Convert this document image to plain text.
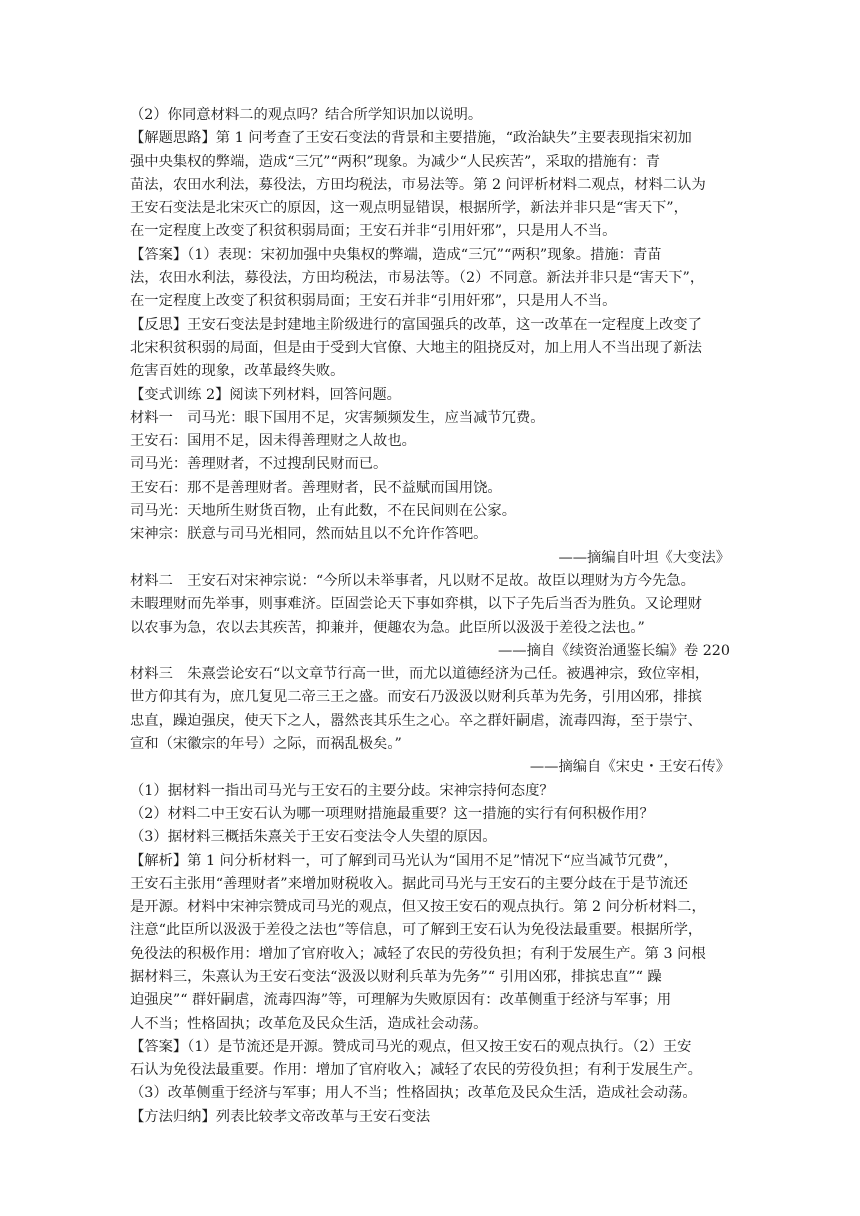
（2）你同意材料二的观点吗？结合所学知识加以说明。
【解题思路】第 1 问考查了王安石变法的背景和主要措施，“政治缺失”主要表现指宋初加
强中央集权的弊端，造成“三冗”“两积”现象。为减少“人民疾苦”，采取的措施有：青
苗法，农田水利法，募役法，方田均税法，市易法等。第 2 问评析材料二观点，材料二认为
王安石变法是北宋灭亡的原因，这一观点明显错误，根据所学，新法并非只是“害天下”，
在一定程度上改变了积贫积弱局面；王安石并非“引用奸邪”，只是用人不当。
【答案】（1）表现：宋初加强中央集权的弊端，造成“三冗”“两积”现象。措施：青苗
法，农田水利法，募役法，方田均税法，市易法等。（2）不同意。新法并非只是“害天下”，
在一定程度上改变了积贫积弱局面；王安石并非“引用奸邪”，只是用人不当。
【反思】王安石变法是封建地主阶级进行的富国强兵的改革，这一改革在一定程度上改变了
北宋积贫积弱的局面，但是由于受到大官僚、大地主的阻挠反对，加上用人不当出现了新法
危害百姓的现象，改革最终失败。
【变式训练 2】阅读下列材料，回答问题。
材料一　司马光：眼下国用不足，灾害频频发生，应当减节冗费。
王安石：国用不足，因未得善理财之人故也。
司马光：善理财者，不过搜刮民财而已。
王安石：那不是善理财者。善理财者，民不益赋而国用饶。
司马光：天地所生财货百物，止有此数，不在民间则在公家。
宋神宗：朕意与司马光相同，然而姑且以不允许作答吧。
——摘编自叶坦《大变法》
材料二　王安石对宋神宗说：“今所以未举事者，凡以财不足故。故臣以理财为方今先急。
未暇理财而先举事，则事难济。臣固尝论天下事如弈棋，以下子先后当否为胜负。又论理财
以农事为急，农以去其疾苦，抑兼并，便趣农为急。此臣所以汲汲于差役之法也。”
——摘自《续资治通鉴长编》卷 220
材料三　朱熹尝论安石“以文章节行高一世，而尤以道德经济为己任。被遇神宗，致位宰相，
世方仰其有为，庶几复见二帝三王之盛。而安石乃汲汲以财利兵革为先务，引用凶邪，排摈
忠直，躁迫强戾，使天下之人，嚣然丧其乐生之心。卒之群奸嗣虐，流毒四海，至于崇宁、
宣和（宋徽宗的年号）之际，而祸乱极矣。”
——摘编自《宋史・王安石传》
（1）据材料一指出司马光与王安石的主要分歧。宋神宗持何态度？
（2）材料二中王安石认为哪一项理财措施最重要？这一措施的实行有何积极作用？
（3）据材料三概括朱熹关于王安石变法令人失望的原因。
【解析】第 1 问分析材料一，可了解到司马光认为“国用不足”情况下“应当减节冗费”，
王安石主张用“善理财者”来增加财税收入。据此司马光与王安石的主要分歧在于是节流还
是开源。材料中宋神宗赞成司马光的观点，但又按王安石的观点执行。第 2 问分析材料二，
注意“此臣所以汲汲于差役之法也”等信息，可了解到王安石认为免役法最重要。根据所学，
免役法的积极作用：增加了官府收入；减轻了农民的劳役负担；有利于发展生产。第 3 问根
据材料三，朱熹认为王安石变法“汲汲以财利兵革为先务”“ 引用凶邪，排摈忠直”“ 躁
迫强戾”“ 群奸嗣虐，流毒四海”等，可理解为失败原因有：改革侧重于经济与军事；用
人不当；性格固执；改革危及民众生活，造成社会动荡。
【答案】（1）是节流还是开源。赞成司马光的观点，但又按王安石的观点执行。（2）王安
石认为免役法最重要。作用：增加了官府收入；减轻了农民的劳役负担；有利于发展生产。
（3）改革侧重于经济与军事；用人不当；性格固执；改革危及民众生活，造成社会动荡。
【方法归纳】列表比较孝文帝改革与王安石变法
